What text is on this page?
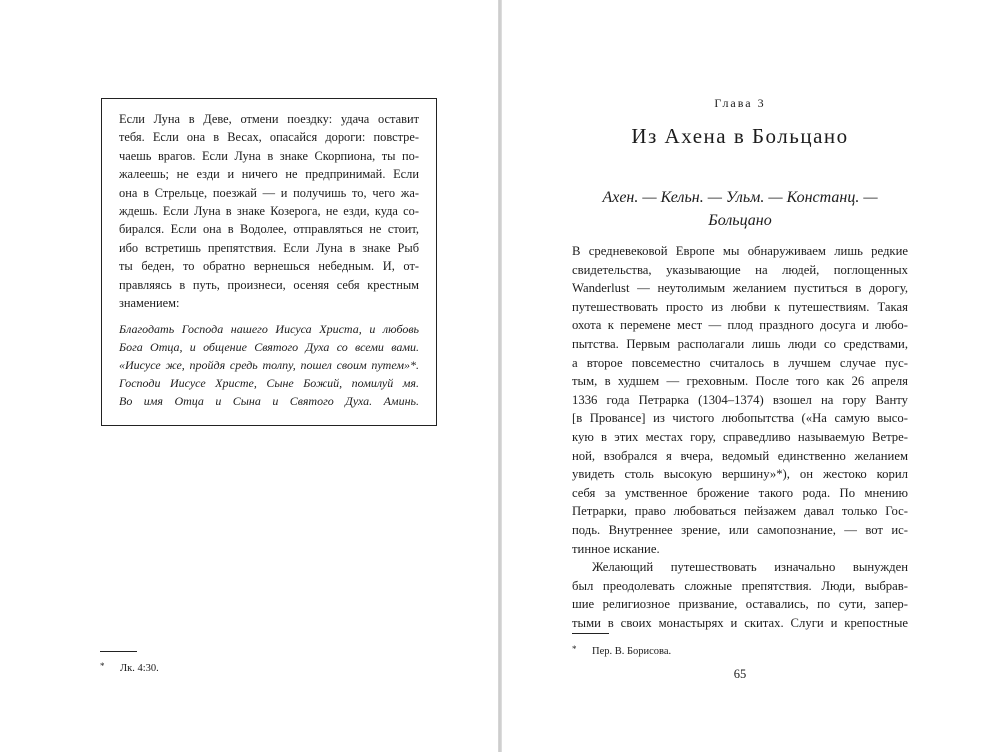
Если Луна в Деве, отмени поездку: удача оставит
тебя. Если она в Весах, опасайся дороги: повстре-
чаешь врагов. Если Луна в знаке Скорпиона, ты по-
жалеешь; не езди и ничего не предпринимай. Если
она в Стрельце, поезжай — и получишь то, чего жа-
ждешь. Если Луна в знаке Козерога, не езди, куда со-
бирался. Если она в Водолее, отправляться не стоит,
ибо встретишь препятствия. Если Луна в знаке Рыб
ты беден, то обратно вернешься небедным. И, от-
правляясь в путь, произнеси, осеняя себя крестным
знамением:
Благодать Господа нашего Иисуса Христа, и любовь
Бога Отца, и общение Святого Духа со всеми вами.
«Иисусе же, пройдя средь толпу, пошел своим путем»*.
Господи Иисусе Христе, Сыне Божий, помилуй мя.
Во имя Отца и Сына и Святого Духа. Аминь.
* Лк. 4:30.
Глава 3
Из Ахена в Больцано
Ахен. — Кельн. — Ульм. — Констанц. —
Больцано
В средневековой Европе мы обнаруживаем лишь редкие
свидетельства, указывающие на людей, поглощенных
Wanderlust — неутолимым желанием пуститься в дорогу,
путешествовать просто из любви к путешествиям. Такая
охота к перемене мест — плод праздного досуга и любо-
пытства. Первым располагали лишь люди со средствами,
а второе повсеместно считалось в лучшем случае пус-
тым, в худшем — греховным. После того как 26 апреля
1336 года Петрарка (1304–1374) взошел на гору Ванту
[в Провансе] из чистого любопытства («На самую высо-
кую в этих местах гору, справедливо называемую Ветре-
ной, взобрался я вчера, ведомый единственно желанием
увидеть столь высокую вершину»*), он жестоко корил
себя за умственное брожение такого рода. По мнению
Петрарки, право любоваться пейзажем давал только Гос-
подь. Внутреннее зрение, или самопознание, — вот ис-
тинное искание.
Желающий путешествовать изначально вынужден
был преодолевать сложные препятствия. Люди, выбрав-
шие религиозное призвание, оставались, по сути, запер-
тыми в своих монастырях и скитах. Слуги и крепостные
* Пер. В. Борисова.
65
